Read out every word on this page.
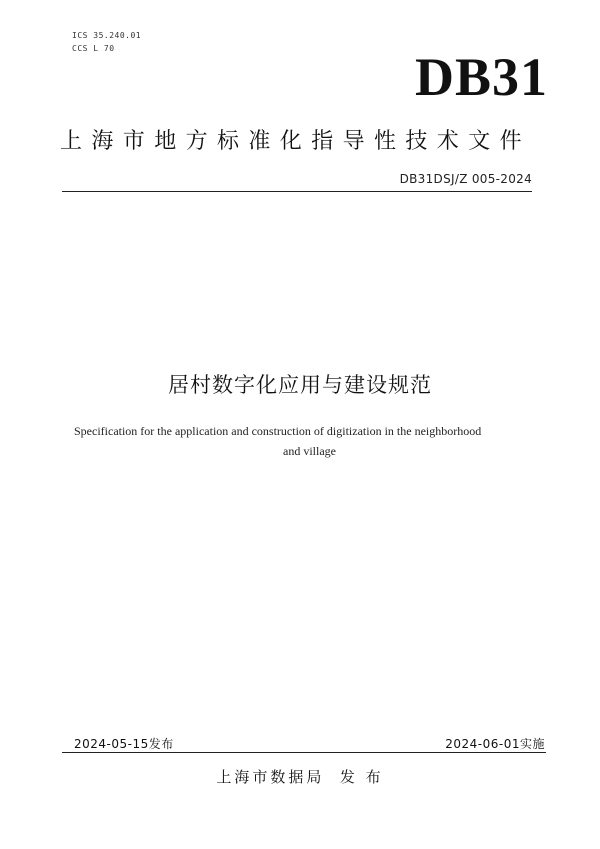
ICS 35.240.01
CCS L 70	DB31
上海市地方标准化指导性技术文件
DB31DSJ/Z 005-2024
居村数字化应用与建设规范
Specification for the application and construction of digitization in the neighborhood
and village
2024-05-15发布	2024-06-01实施
上海市数据局  发 布
